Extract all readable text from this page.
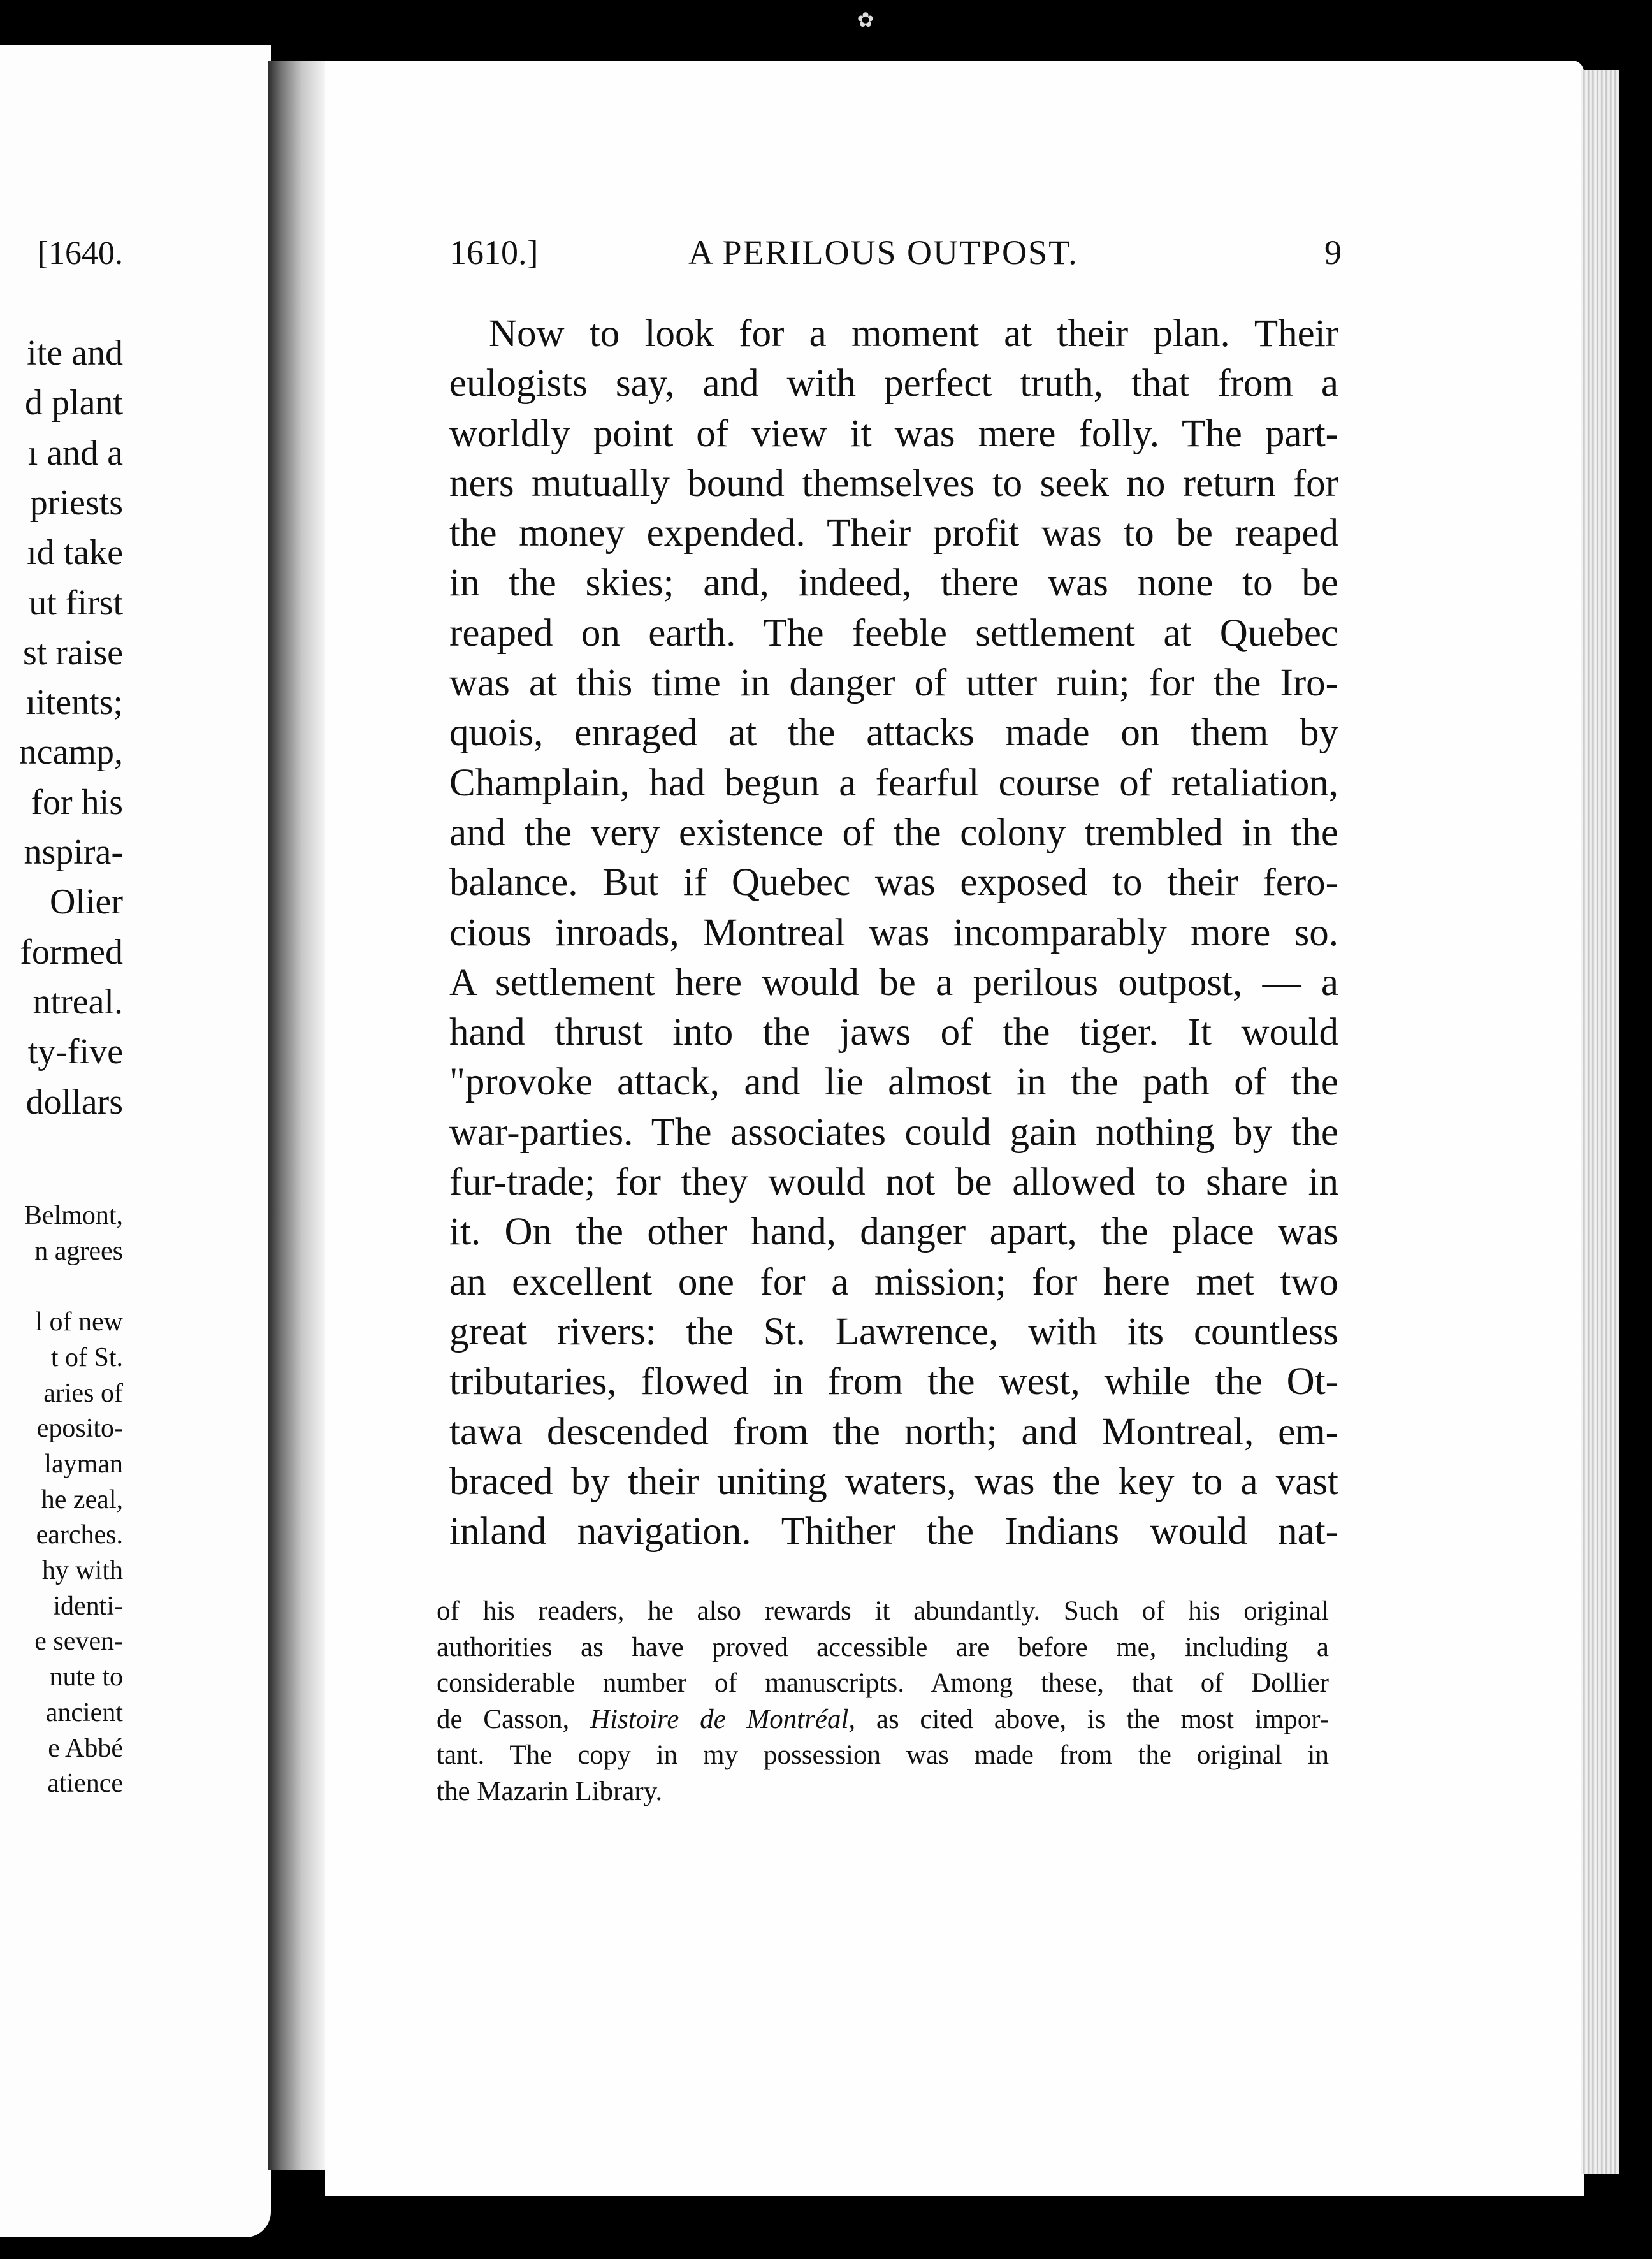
✿
[1640.
ite and
d plant
ı and a
priests
ıd take
ut first
st raise
ıitents;
ncamp,
for his
nspira-
Olier
formed
ntreal.
ty-five
dollars
Belmont,
n agrees
l of new
t of St.
aries of
eposito-
layman
he zeal,
earches.
hy with
identi-
e seven-
nute to
ancient
e Abbé
atience
1610.]	A PERILOUS OUTPOST.	9
Now to look for a moment at their plan. Their
eulogists say, and with perfect truth, that from a
worldly point of view it was mere folly. The part-
ners mutually bound themselves to seek no return for
the money expended. Their profit was to be reaped
in the skies; and, indeed, there was none to be
reaped on earth. The feeble settlement at Quebec
was at this time in danger of utter ruin; for the Iro-
quois, enraged at the attacks made on them by
Champlain, had begun a fearful course of retaliation,
and the very existence of the colony trembled in the
balance. But if Quebec was exposed to their fero-
cious inroads, Montreal was incomparably more so.
A settlement here would be a perilous outpost, — a
hand thrust into the jaws of the tiger. It would
"provoke attack, and lie almost in the path of the
war-parties. The associates could gain nothing by the
fur-trade; for they would not be allowed to share in
it. On the other hand, danger apart, the place was
an excellent one for a mission; for here met two
great rivers: the St. Lawrence, with its countless
tributaries, flowed in from the west, while the Ot-
tawa descended from the north; and Montreal, em-
braced by their uniting waters, was the key to a vast
inland navigation. Thither the Indians would nat-
of his readers, he also rewards it abundantly. Such of his original
authorities as have proved accessible are before me, including a
considerable number of manuscripts. Among these, that of Dollier
de Casson, Histoire de Montréal, as cited above, is the most impor-
tant. The copy in my possession was made from the original in
the Mazarin Library.
